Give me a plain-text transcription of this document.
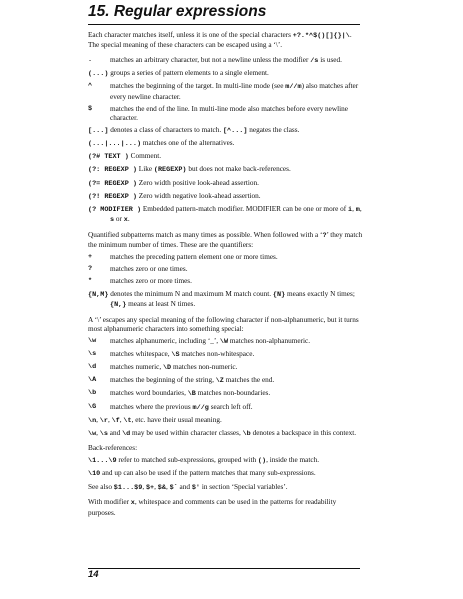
15. Regular expressions

Each character matches itself, unless it is one of the special characters +?.*^$()[]{}|\. The special meaning of these characters can be escaped using a ‘\’.

.	matches an arbitrary character, but not a newline unless the modifier /s is used.

(...) groups a series of pattern elements to a single element.

^	matches the beginning of the target. In multi-line mode (see m//m) also matches after every newline character.
$	matches the end of the line. In multi-line mode also matches before every newline character.

[...] denotes a class of characters to match. [^...] negates the class.

(...|...|...) matches one of the alternatives.

(?# TEXT ) Comment.

(?: REGEXP ) Like (REGEXP) but does not make back-references.

(?= REGEXP ) Zero width positive look-ahead assertion.

(?! REGEXP ) Zero width negative look-ahead assertion.

(? MODIFIER ) Embedded pattern-match modifier. MODIFIER can be one or more of i, m, s or x.

Quantified subpatterns match as many times as possible. When followed with a ‘?’ they match the minimum number of times. These are the quantifiers:

+	matches the preceding pattern element one or more times.
?	matches zero or one times.
*	matches zero or more times.

{N,M} denotes the minimum N and maximum M match count. {N} means exactly N times; {N,} means at least N times.

A ‘\’ escapes any special meaning of the following character if non-alphanumeric, but it turns most alphanumeric characters into something special:

\w	matches alphanumeric, including ‘_’, \W matches non-alphanumeric.
\s	matches whitespace, \S matches non-whitespace.
\d	matches numeric, \D matches non-numeric.
\A	matches the beginning of the string, \Z matches the end.
\b	matches word boundaries, \B matches non-boundaries.
\G	matches where the previous m//g search left off.

\n, \r, \f, \t, etc. have their usual meaning.

\w, \s and \d may be used within character classes, \b denotes a backspace in this context.

Back-references:

\1...\9 refer to matched sub-expressions, grouped with (), inside the match.

\10 and up can also be used if the pattern matches that many sub-expressions.

See also $1...$9, $+, $&, $` and $' in section ‘Special variables’.

With modifier x, whitespace and comments can be used in the patterns for readability purposes.

14
